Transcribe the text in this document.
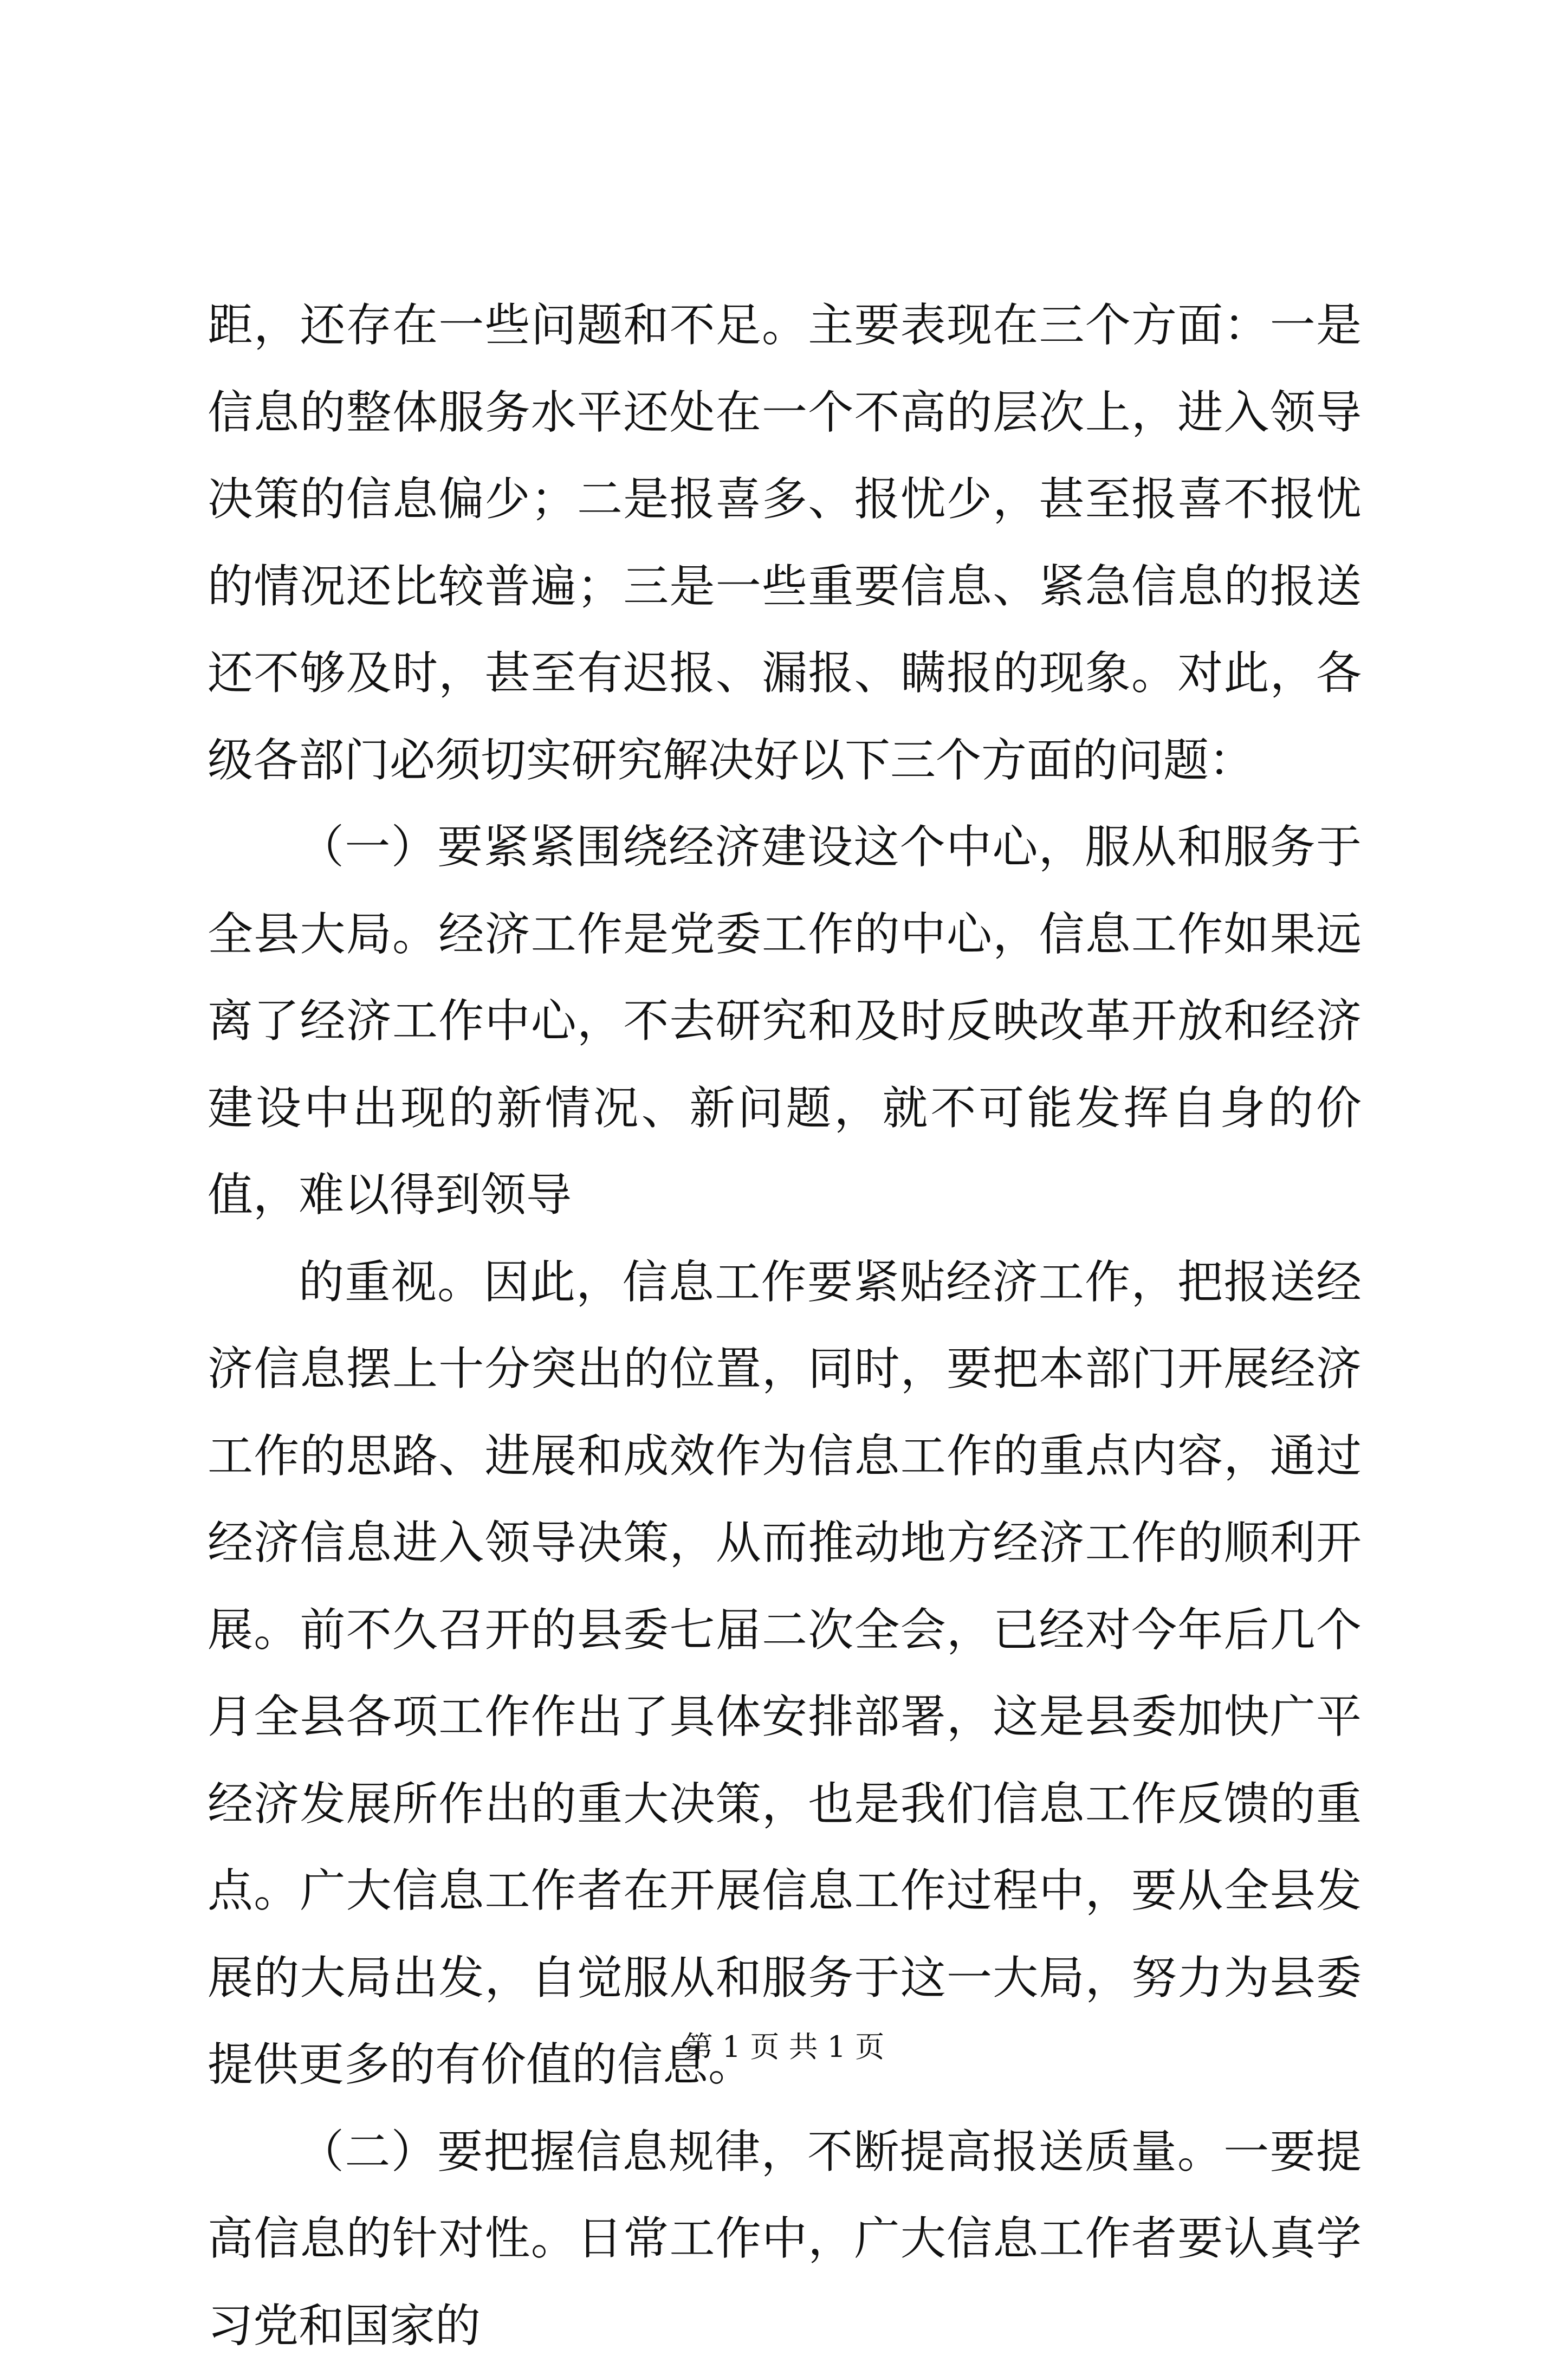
距，还存在一些问题和不足。主要表现在三个方面：一是信息的整体服务水平还处在一个不高的层次上，进入领导决策的信息偏少；二是报喜多、报忧少，甚至报喜不报忧的情况还比较普遍；三是一些重要信息、紧急信息的报送还不够及时，甚至有迟报、漏报、瞒报的现象。对此，各级各部门必须切实研究解决好以下三个方面的问题：

（一）要紧紧围绕经济建设这个中心，服从和服务于全县大局。经济工作是党委工作的中心，信息工作如果远离了经济工作中心，不去研究和及时反映改革开放和经济建设中出现的新情况、新问题，就不可能发挥自身的价值，难以得到领导

的重视。因此，信息工作要紧贴经济工作，把报送经济信息摆上十分突出的位置，同时，要把本部门开展经济工作的思路、进展和成效作为信息工作的重点内容，通过经济信息进入领导决策，从而推动地方经济工作的顺利开展。前不久召开的县委七届二次全会，已经对今年后几个月全县各项工作作出了具体安排部署，这是县委加快广平经济发展所作出的重大决策，也是我们信息工作反馈的重点。广大信息工作者在开展信息工作过程中，要从全县发展的大局出发，自觉服从和服务于这一大局，努力为县委提供更多的有价值的信息。

（二）要把握信息规律，不断提高报送质量。一要提高信息的针对性。日常工作中，广大信息工作者要认真学习党和国家的

第 1 页 共 1 页
